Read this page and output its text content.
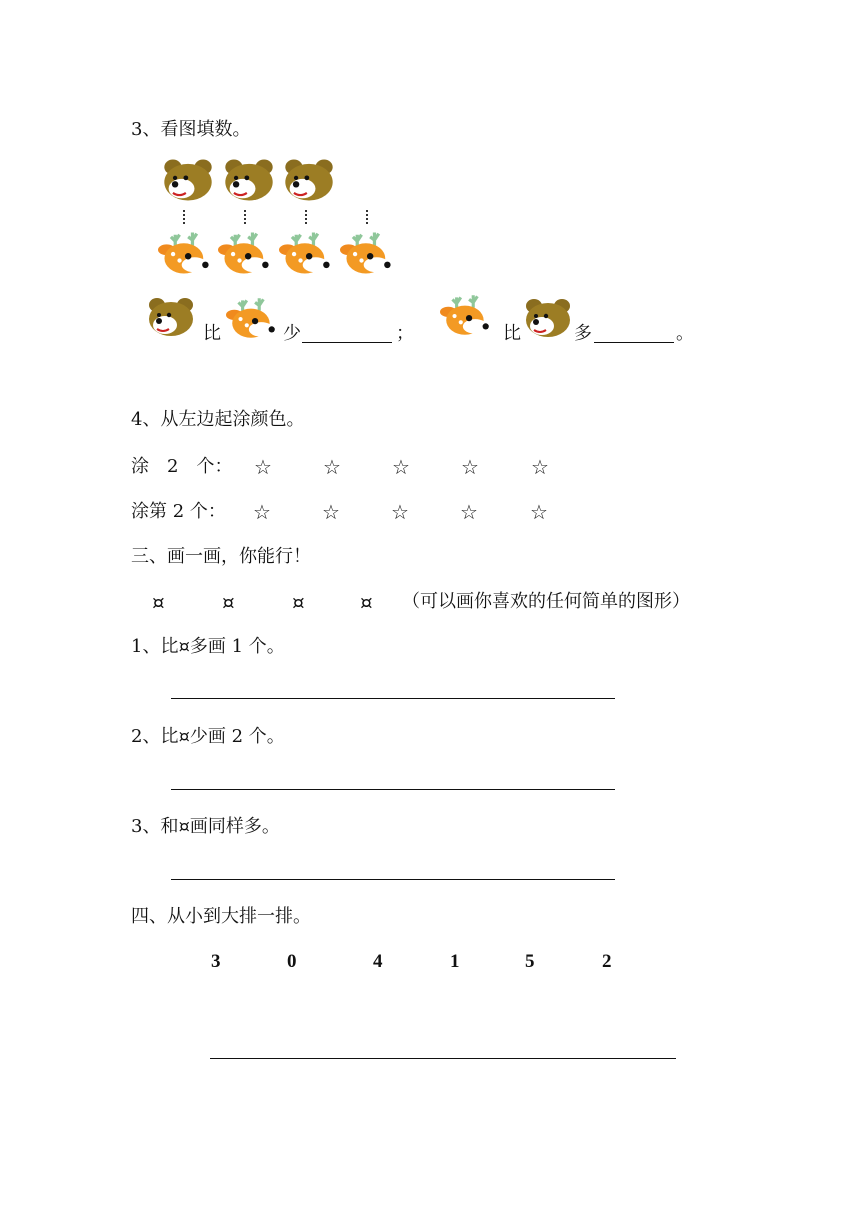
3、看图填数。
比	少	；	比	多	。
4、从左边起涂颜色。
涂　2　个： ☆	☆	☆	☆	☆
涂第 2 个： ☆	☆	☆	☆	☆
三、画一画，你能行！
¤	¤	¤	¤ （可以画你喜欢的任何简单的图形）
1、比¤多画 1 个。
2、比¤少画 2 个。
3、和¤画同样多。
四、从小到大排一排。
3	0	4	1	5	2
